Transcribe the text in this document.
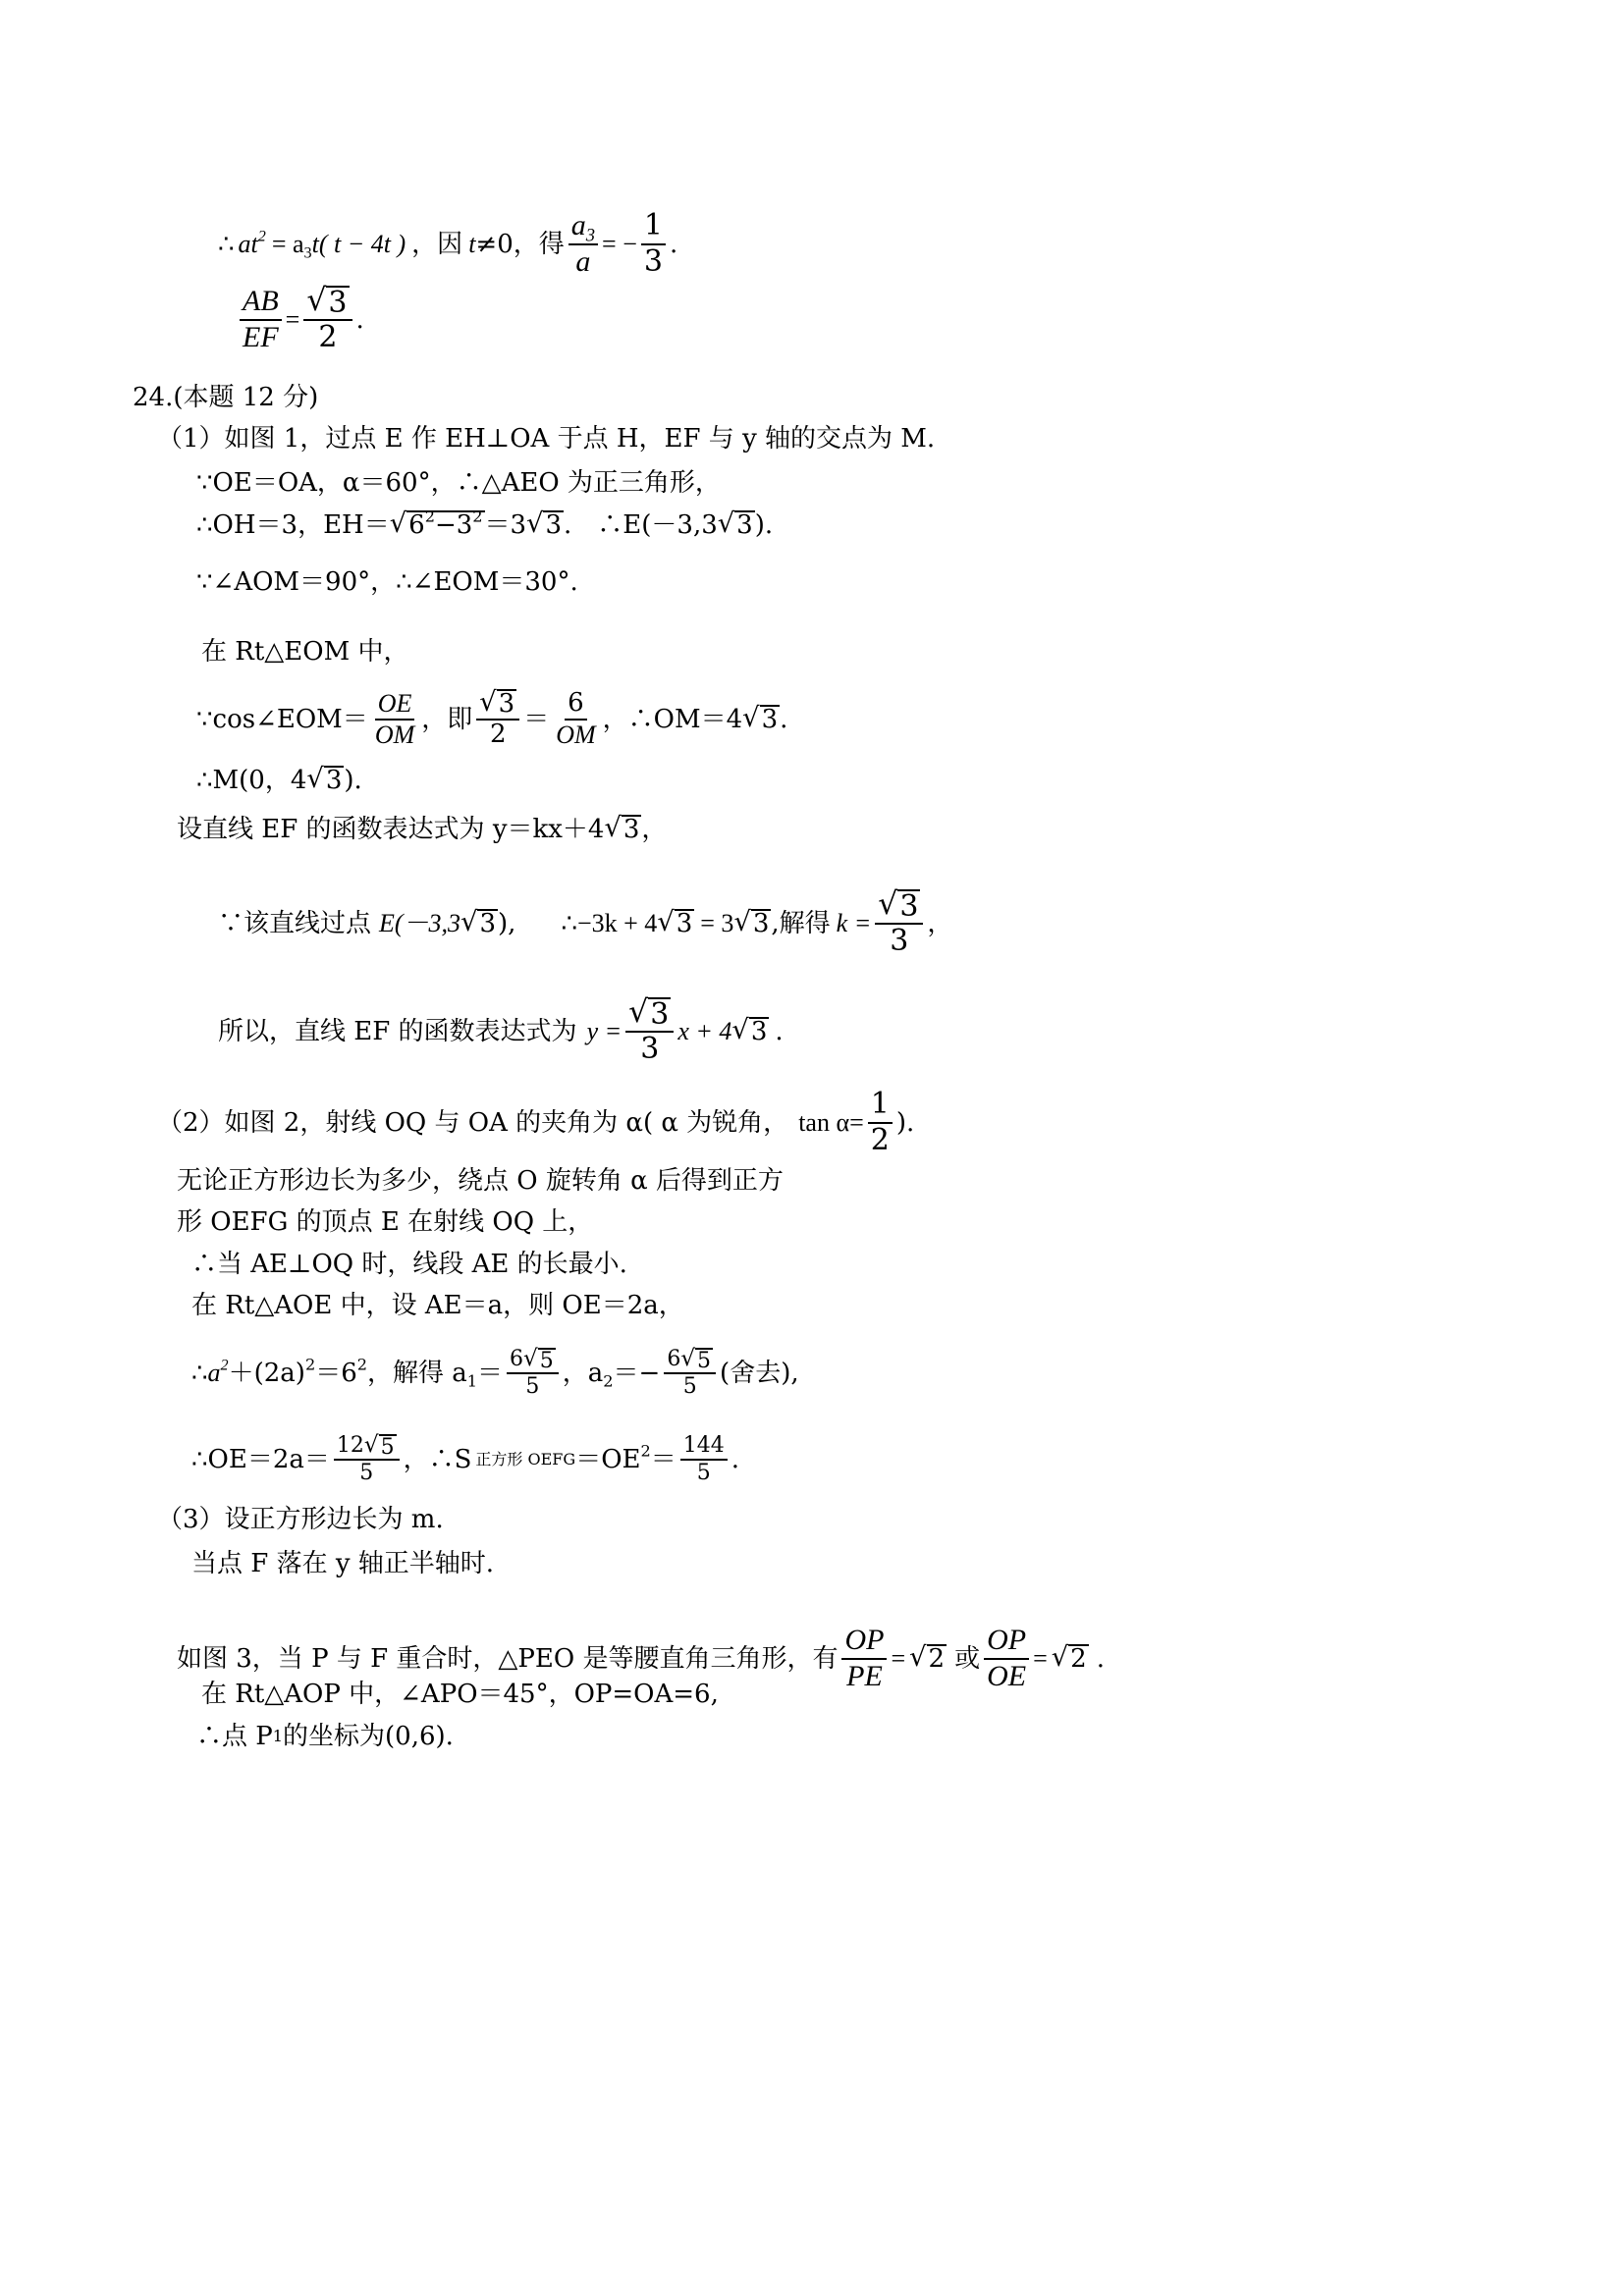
∴ $at^2 = a_3$ t( t − 4t ) ， 因 t ≠0，得 $\frac{a_3}{a}$ = − $\frac{1}{3}$ .
$\frac{AB}{EF} = \frac{√ 3}{2}$ .
24.(本题 12 分)
（1）如图 1，过点 E 作 EH⊥OA 于点 H，EF 与 y 轴的交点为 M.
∵OE＝OA，α＝60°，∴△AEO 为正三角形，
∴OH＝3，EH＝ √ $6^2-3^2 =3$ √ 3 .　∴E(－3,3 √ 3 ).
∵∠AOM＝90°，∴∠EOM＝30°.
在 Rt△EOM 中，
∵cos∠EOM＝ $\frac{OE}{OM}$ ，即 $\frac{√ 3}{2} = \frac{6}{OM}$ ，∴OM＝4 √ 3 .
∴M(0，4 √ 3 ).
设直线 EF 的函数表达式为 y＝kx＋4 √ 3 ，
∵该直线过点 E(－3,3 √ 3 ), ∴−3k + 4 √ 3 = 3 √ 3 ,解得 $k = \frac{√ 3}{3}$ ，
所以，直线 EF 的函数表达式为 $y = \frac{√ 3}{3}$ x + 4 √ 3 .
（2）如图 2，射线 OQ 与 OA 的夹角为 α( α 为锐角， $\tan \alpha= \frac{1}{2}$ ).
无论正方形边长为多少，绕点 O 旋转角 α 后得到正方
形 OEFG 的顶点 E 在射线 OQ 上，
∴当 AE⊥OQ 时，线段 AE 的长最小.
在 Rt△AOE 中，设 AE＝a，则 OE＝2a，
∴ $a^2 +(2a)^2 =6^2$ ，解得 $a_1 = \frac{6 √ 5}{5}$ ，$a_2 =- \frac{6 √ 5}{5}$ (舍去),
∴OE＝2a＝ $\frac{12 √ 5}{5}$ ，∴S 正方形 OEFG $=OE^2 = \frac{144}{5}$ .
（3）设正方形边长为 m.
当点 F 落在 y 轴正半轴时.
如图 3，当 P 与 F 重合时，△PEO 是等腰直角三角形，有 $\frac{OP}{PE}$ = √ 2 或 $\frac{OP}{OE}$ = √ 2 .
在 Rt△AOP 中，∠APO＝45°，OP=OA=6,
∴点 P 1 的坐标为(0,6).
